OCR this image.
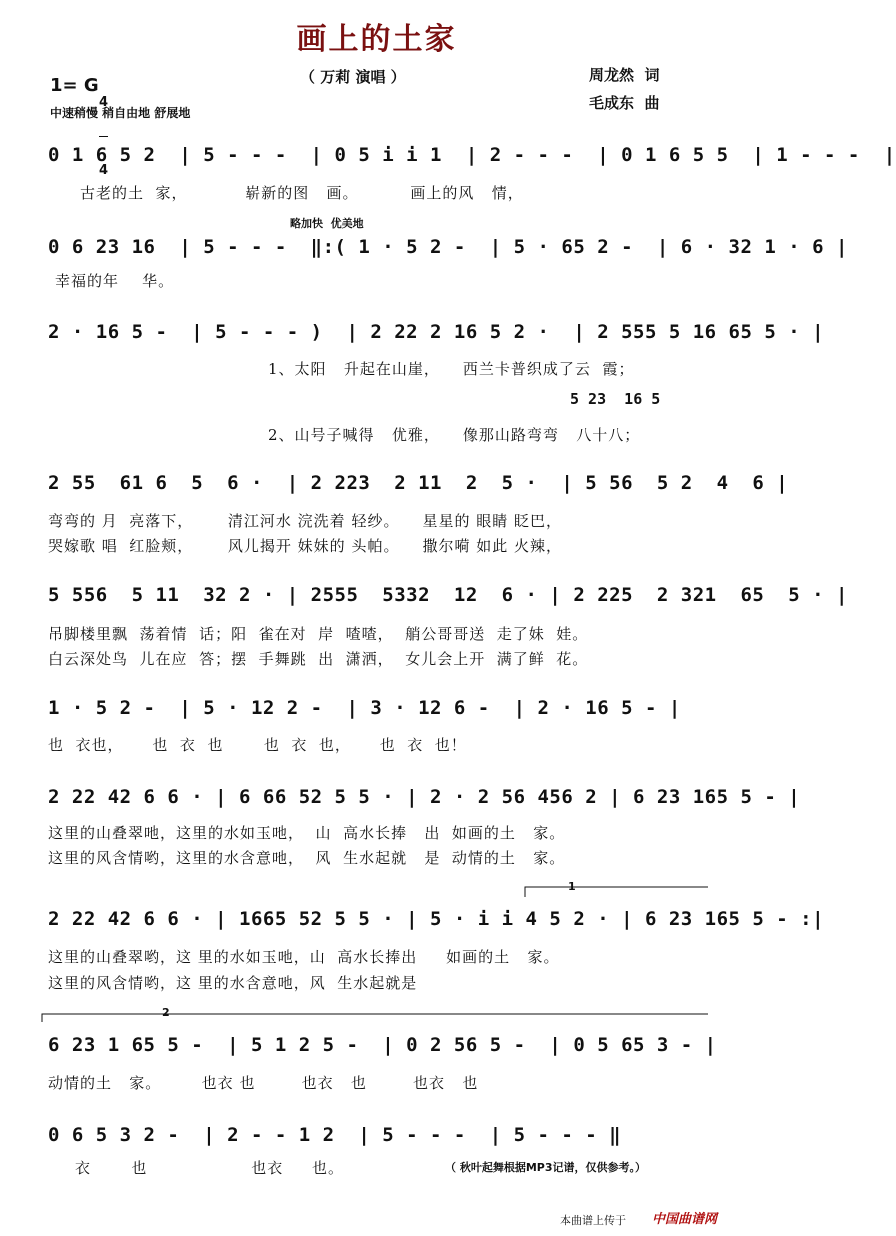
画上的土家
（ 万莉 演唱 ）	周龙然  词
毛成东  曲
1= G

4

4

中速稍慢 稍自由地 舒展地
0 1 6 5 2  | 5 - - -  | 0 5 i i 1  | 2 - - -  | 0 1 6 5 5  | 1 - - -  |
古老的土  家，          崭新的图   画。         画上的风   情，
略加快  优美地
0 6 23 16  | 5 - - -  ‖:( 1 · 5 2 -  | 5 · 65 2 -  | 6 · 32 1 · 6 |
幸福的年    华。
2 · 16 5 -  | 5 - - - )  | 2 22 2 16 5 2 ·  | 2 555 5 16 65 5 · |
1、太阳   升起在山崖，    西兰卡普织成了云  霞；
5 23  16 5
2、山号子喊得   优雅，    像那山路弯弯   八十八；
2 55  61 6  5  6 ·  | 2 223  2 11  2  5 ·  | 5 56  5 2  4  6 |
弯弯的 月  亮落下，      清江河水 浣洗着 轻纱。    星星的 眼睛 眨巴，
哭嫁歌 唱  红脸颊，      风儿揭开 妹妹的 头帕。    撒尔嗬 如此 火辣，
5 556  5 11  32 2 · | 2555  5332  12  6 · | 2 225  2 321  65  5 · |
吊脚楼里飘  荡着情  话；阳  雀在对  岸  喳喳，  艄公哥哥送  走了妹  娃。
白云深处鸟  儿在应  答；摆  手舞跳  出  潇洒，  女儿会上开  满了鲜  花。
1 · 5 2 -  | 5 · 12 2 -  | 3 · 12 6 -  | 2 · 16 5 - |
也  衣也，     也  衣  也       也  衣  也，     也  衣  也！
2 22 42 6 6 · | 6 66 52 5 5 · | 2 · 2 56 456 2 | 6 23 165 5 - |
这里的山叠翠吔，这里的水如玉吔，  山  高水长捧   出  如画的土   家。
这里的风含情哟，这里的水含意吔，  风  生水起就   是  动情的土   家。
1
2 22 42 6 6 · | 1665 52 5 5 · | 5 · i i 4 5 2 · | 6 23 165 5 - :|
这里的山叠翠哟，这 里的水如玉吔，山  高水长捧出     如画的土   家。
这里的风含情哟，这 里的水含意吔，风  生水起就是
2
6 23 1 65 5 -  | 5 1 2 5 -  | 0 2 56 5 -  | 0 5 65 3 - |
动情的土   家。       也衣 也        也衣   也        也衣   也
0 6 5 3 2 -  | 2 - - 1 2  | 5 - - -  | 5 - - - ‖
衣       也                  也衣     也。	（ 秋叶起舞根据MP3记谱，仅供参考。）
本曲谱上传于 中国曲谱网
